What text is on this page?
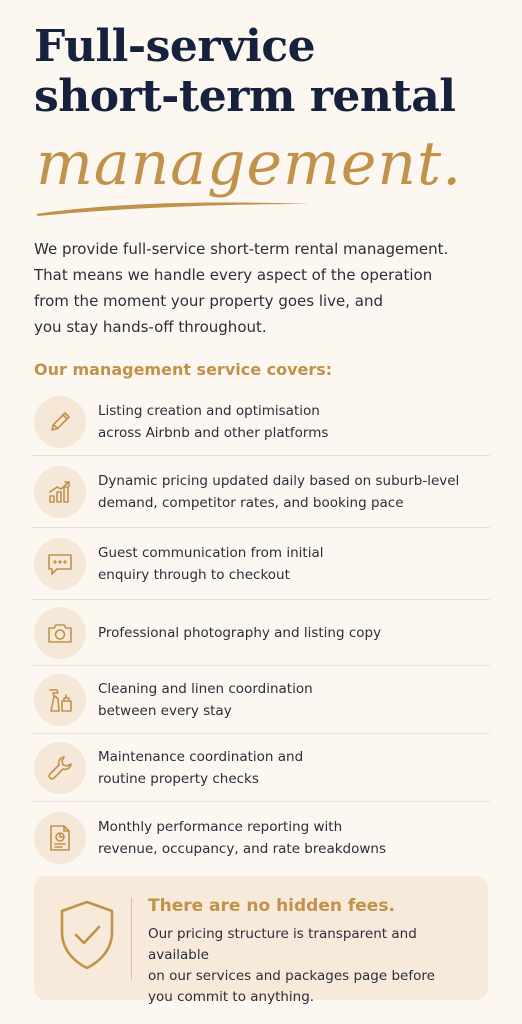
Full-service
short-term rental
management.
We provide full-service short-term rental management.
That means we handle every aspect of the operation
from the moment your property goes live, and
you stay hands-off throughout.
Our management service covers:
Listing creation and optimisation
across Airbnb and other platforms
Dynamic pricing updated daily based on suburb-level
demand, competitor rates, and booking pace
Guest communication from initial
enquiry through to checkout
Professional photography and listing copy
Cleaning and linen coordination
between every stay
Maintenance coordination and
routine property checks
Monthly performance reporting with
revenue, occupancy, and rate breakdowns
There are no hidden fees.
Our pricing structure is transparent and available
on our services and packages page before
you commit to anything.
